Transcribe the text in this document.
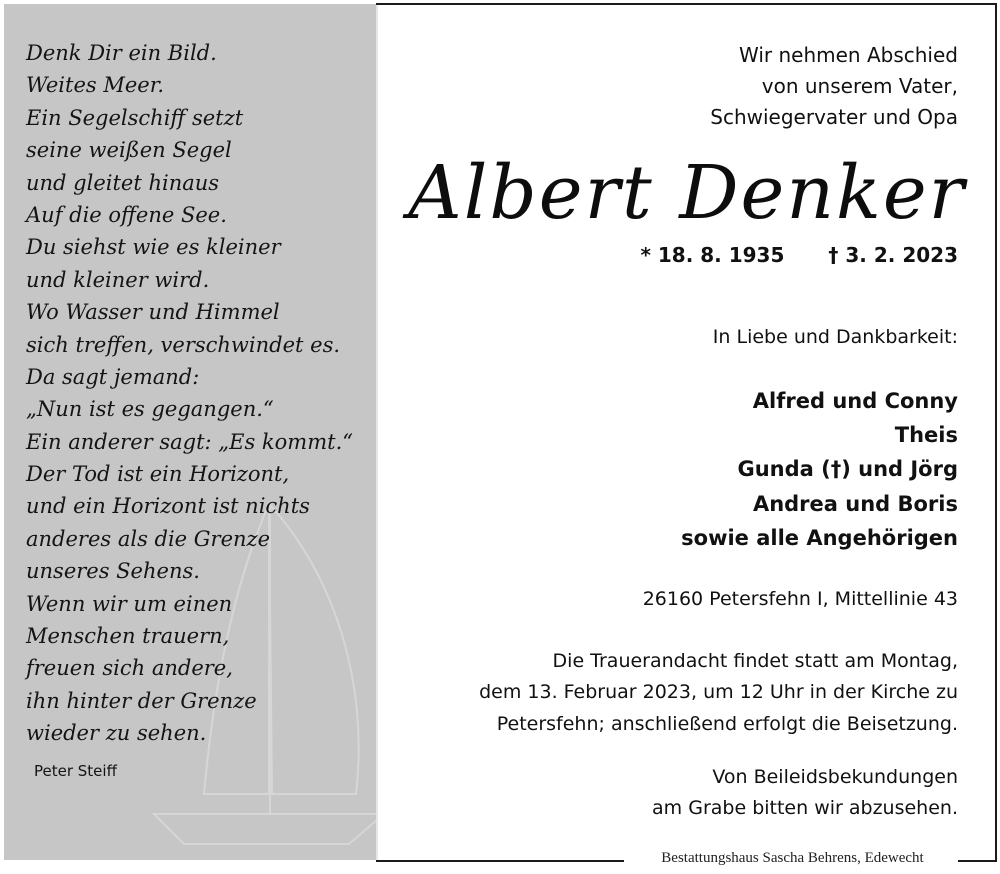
Denk Dir ein Bild.
Weites Meer.
Ein Segelschiff setzt
seine weißen Segel
und gleitet hinaus
Auf die offene See.
Du siehst wie es kleiner
und kleiner wird.
Wo Wasser und Himmel
sich treffen, verschwindet es.
Da sagt jemand:
„Nun ist es gegangen.“
Ein anderer sagt: „Es kommt.“
Der Tod ist ein Horizont,
und ein Horizont ist nichts
anderes als die Grenze
unseres Sehens.
Wenn wir um einen
Menschen trauern,
freuen sich andere,
ihn hinter der Grenze
wieder zu sehen.
Peter Steiff
Wir nehmen Abschied
von unserem Vater,
Schwiegervater und Opa
Albert Denker
* 18. 8. 1935 † 3. 2. 2023
In Liebe und Dankbarkeit:
Alfred und Conny
Theis
Gunda (†) und Jörg
Andrea und Boris
sowie alle Angehörigen
26160 Petersfehn I, Mittellinie 43
Die Trauerandacht findet statt am Montag,
dem 13. Februar 2023, um 12 Uhr in der Kirche zu
Petersfehn; anschließend erfolgt die Beisetzung.
Von Beileidsbekundungen
am Grabe bitten wir abzusehen.
Bestattungshaus Sascha Behrens, Edewecht
